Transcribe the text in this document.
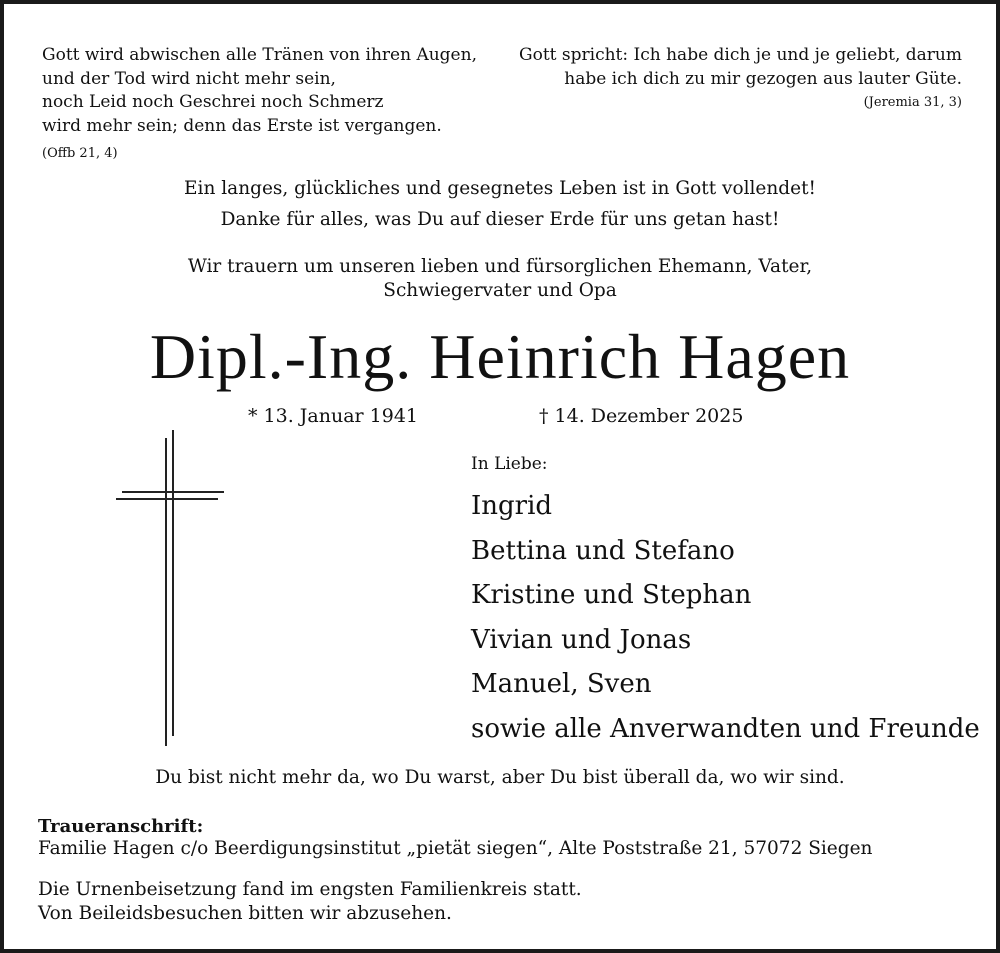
Gott wird abwischen alle Tränen von ihren Augen,
und der Tod wird nicht mehr sein,
noch Leid noch Geschrei noch Schmerz
wird mehr sein; denn das Erste ist vergangen.
(Offb 21, 4)
Gott spricht: Ich habe dich je und je geliebt, darum
habe ich dich zu mir gezogen aus lauter Güte.
(Jeremia 31, 3)
Ein langes, glückliches und gesegnetes Leben ist in Gott vollendet!
Danke für alles, was Du auf dieser Erde für uns getan hast!
Wir trauern um unseren lieben und fürsorglichen Ehemann, Vater,
Schwiegervater und Opa
Dipl.-Ing. Heinrich Hagen
* 13. Januar 1941	† 14. Dezember 2025
In Liebe:
Ingrid
Bettina und Stefano
Kristine und Stephan
Vivian und Jonas
Manuel, Sven
sowie alle Anverwandten und Freunde
Du bist nicht mehr da, wo Du warst, aber Du bist überall da, wo wir sind.
Traueranschrift:
Familie Hagen c/o Beerdigungsinstitut „pietät siegen“, Alte Poststraße 21, 57072 Siegen
Die Urnenbeisetzung fand im engsten Familienkreis statt.
Von Beileidsbesuchen bitten wir abzusehen.
